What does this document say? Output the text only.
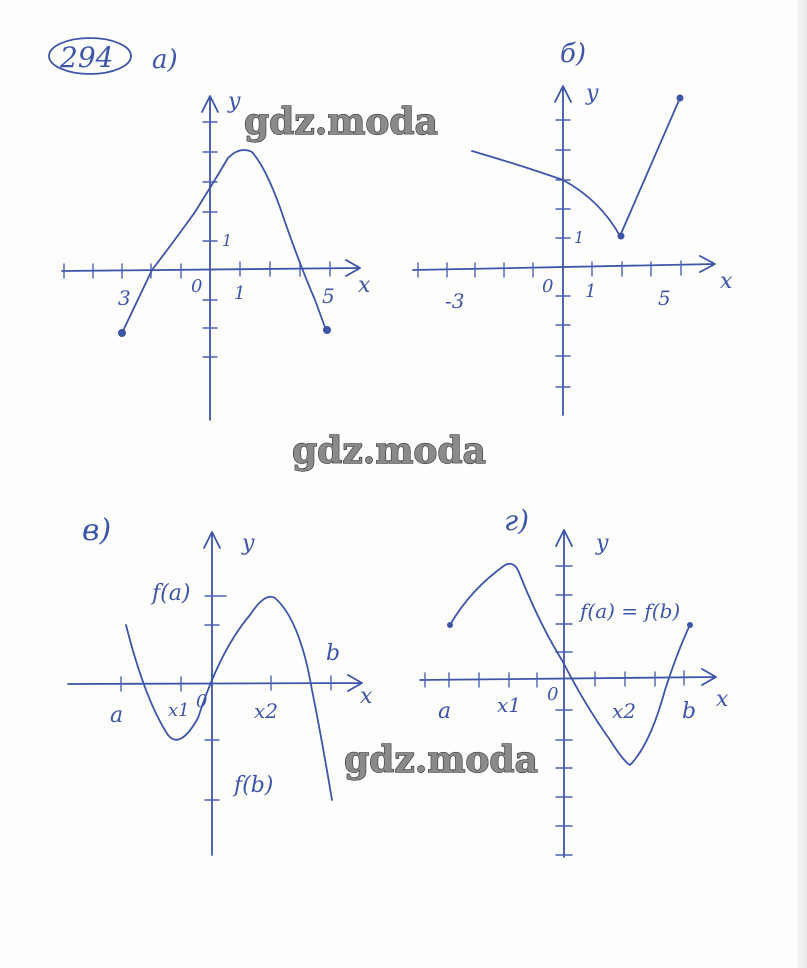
294 а)
y
x
0
3	1	5
1
б)
y
x
0
-3	1	5
1
в)	y
x
0
a x1	x2
b
f(a)
f(b)
г)
y
x
0
a x1	x2 b
f(a) = f(b)
gdz.moda
gdz.moda
gdz.moda
